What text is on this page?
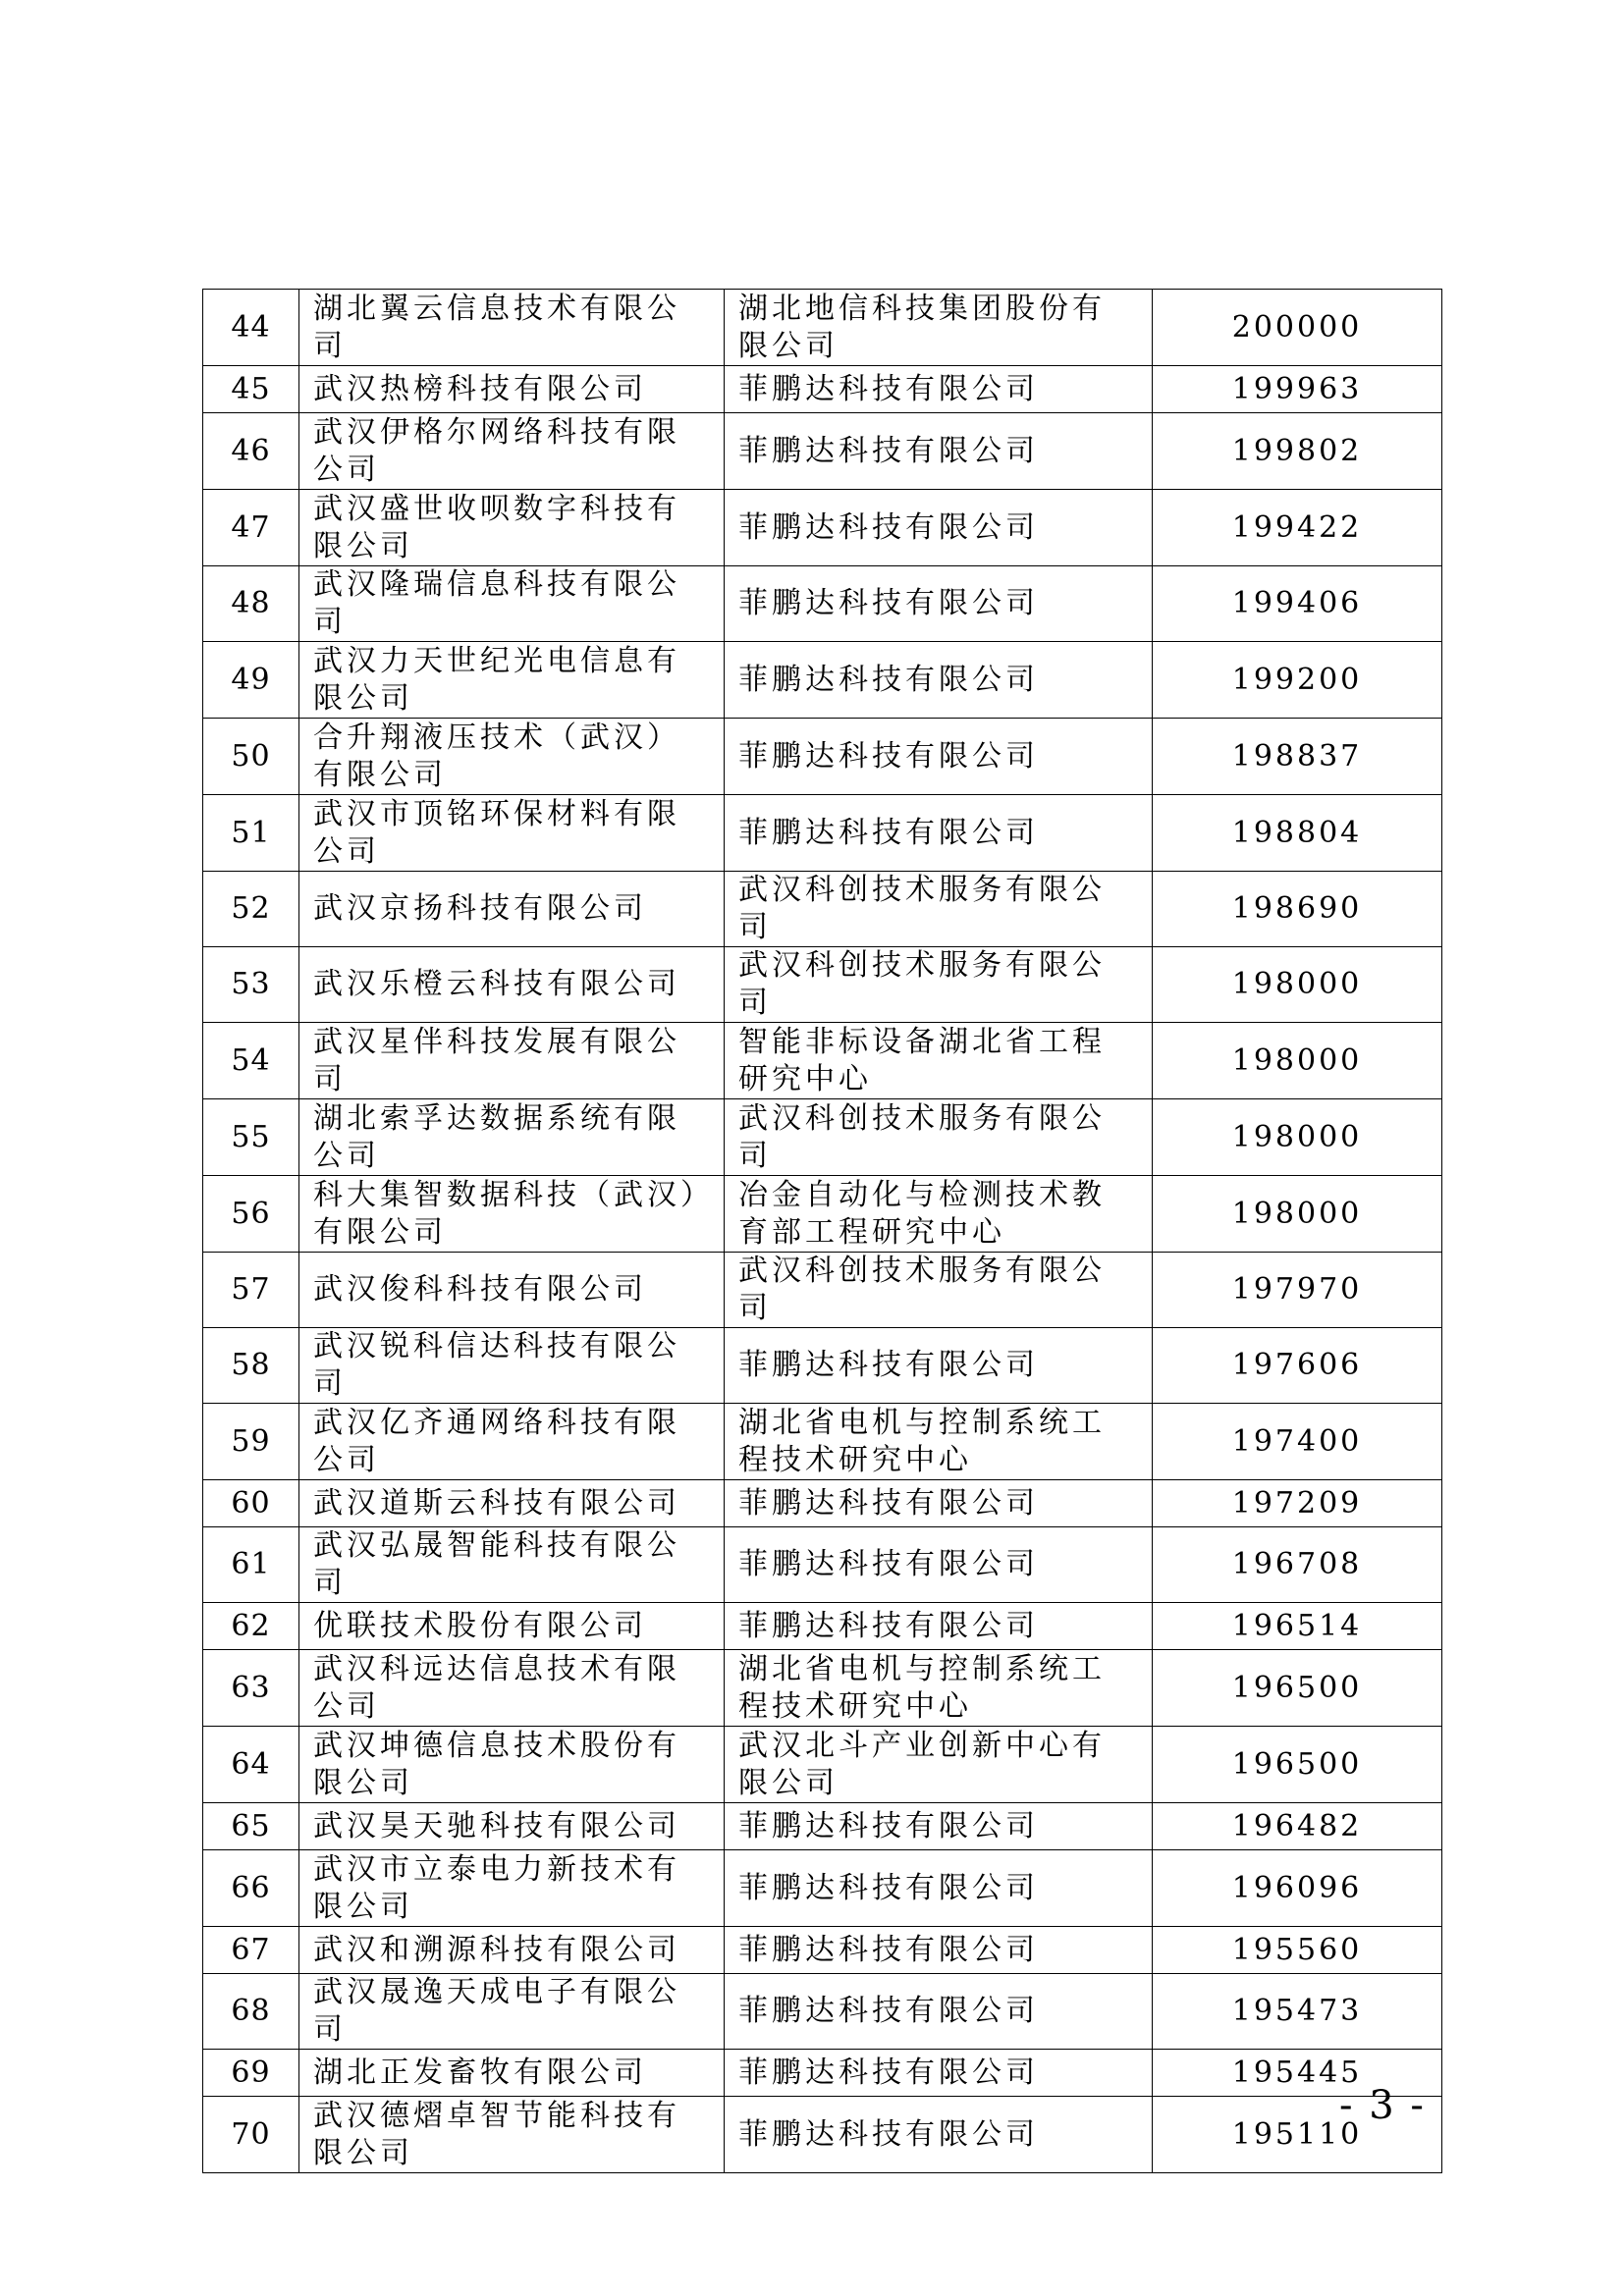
44	湖北翼云信息技术有限公司	湖北地信科技集团股份有限公司	200000
45	武汉热榜科技有限公司	菲鹏达科技有限公司	199963
46	武汉伊格尔网络科技有限公司	菲鹏达科技有限公司	199802
47	武汉盛世收呗数字科技有限公司	菲鹏达科技有限公司	199422
48	武汉隆瑞信息科技有限公司	菲鹏达科技有限公司	199406
49	武汉力天世纪光电信息有限公司	菲鹏达科技有限公司	199200
50	合升翔液压技术（武汉）有限公司	菲鹏达科技有限公司	198837
51	武汉市顶铭环保材料有限公司	菲鹏达科技有限公司	198804
52	武汉京扬科技有限公司	武汉科创技术服务有限公司	198690
53	武汉乐橙云科技有限公司	武汉科创技术服务有限公司	198000
54	武汉星伴科技发展有限公司	智能非标设备湖北省工程研究中心	198000
55	湖北索孚达数据系统有限公司	武汉科创技术服务有限公司	198000
56	科大集智数据科技（武汉）有限公司	冶金自动化与检测技术教育部工程研究中心	198000
57	武汉俊科科技有限公司	武汉科创技术服务有限公司	197970
58	武汉锐科信达科技有限公司	菲鹏达科技有限公司	197606
59	武汉亿齐通网络科技有限公司	湖北省电机与控制系统工程技术研究中心	197400
60	武汉道斯云科技有限公司	菲鹏达科技有限公司	197209
61	武汉弘晟智能科技有限公司	菲鹏达科技有限公司	196708
62	优联技术股份有限公司	菲鹏达科技有限公司	196514
63	武汉科远达信息技术有限公司	湖北省电机与控制系统工程技术研究中心	196500
64	武汉坤德信息技术股份有限公司	武汉北斗产业创新中心有限公司	196500
65	武汉昊天驰科技有限公司	菲鹏达科技有限公司	196482
66	武汉市立泰电力新技术有限公司	菲鹏达科技有限公司	196096
67	武汉和溯源科技有限公司	菲鹏达科技有限公司	195560
68	武汉晟逸天成电子有限公司	菲鹏达科技有限公司	195473
69	湖北正发畜牧有限公司	菲鹏达科技有限公司	195445
70	武汉德熠卓智节能科技有限公司	菲鹏达科技有限公司	195110
- 3 -
